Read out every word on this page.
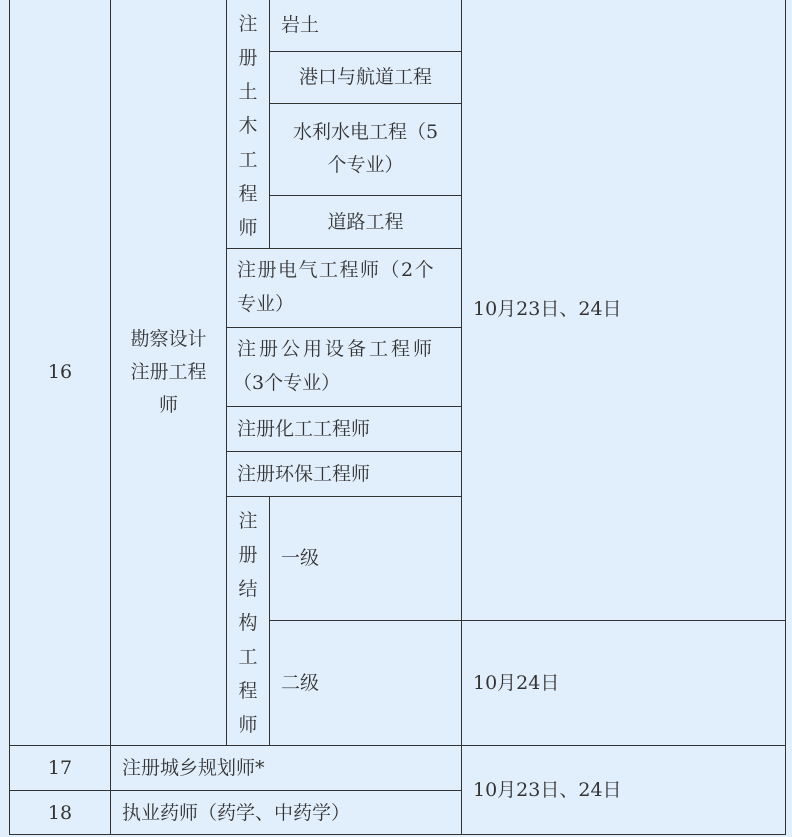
16
勘察设计
注册工程
师
注
册
土
木
工
程
师
岩土
港口与航道工程
水利水电工程（5
个专业）
道路工程
注册电气工程师（2个
专业）
注册公用设备工程师
（3个专业）
注册化工工程师
注册环保工程师
注
册
结
构
工
程
师
一级
二级
10月23日、24日
10月24日
17	注册城乡规划师*
18	执业药师（药学、中药学）
10月23日、24日
